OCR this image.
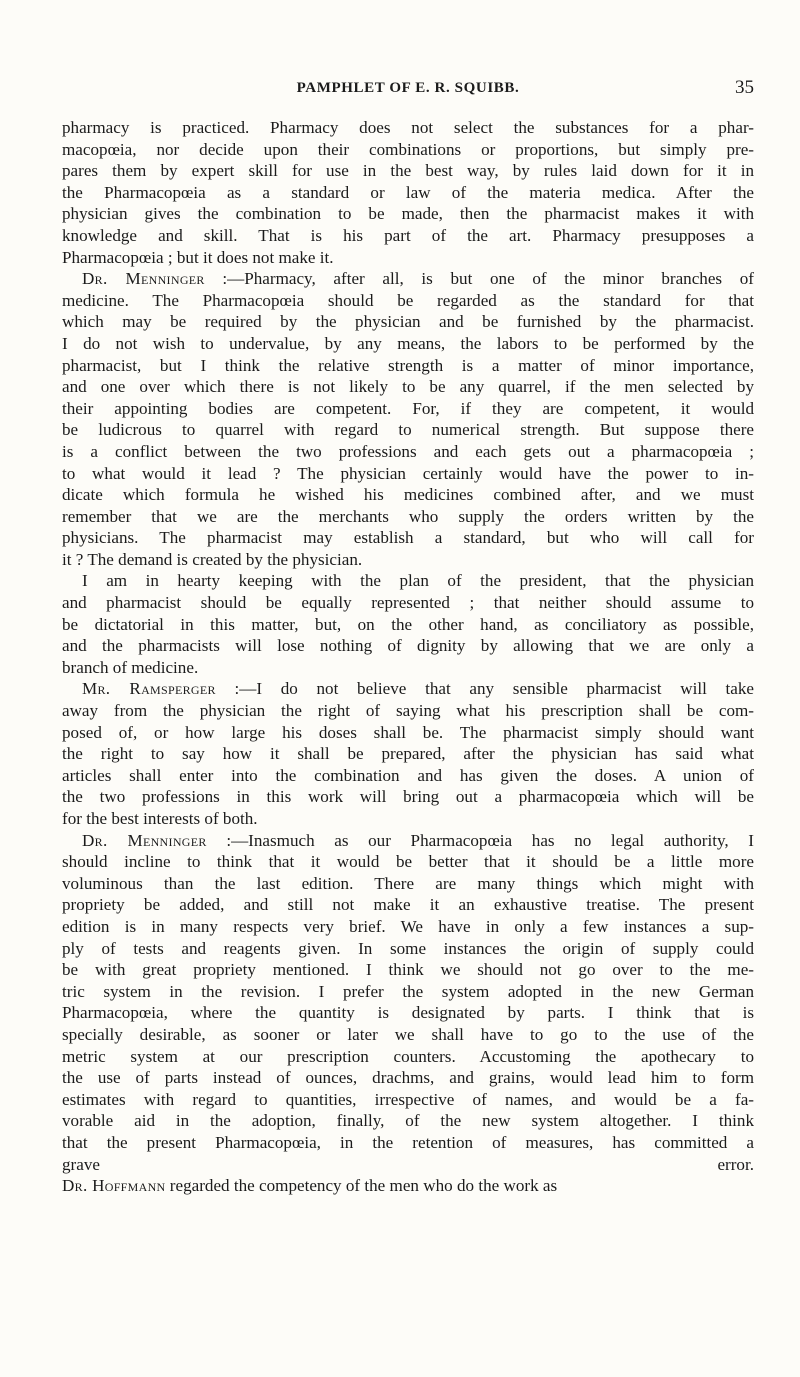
PAMPHLET OF E. R. SQUIBB.	35
pharmacy is practiced. Pharmacy does not select the substances for a phar-
macopœia, nor decide upon their combinations or proportions, but simply pre-
pares them by expert skill for use in the best way, by rules laid down for it in
the Pharmacopœia as a standard or law of the materia medica. After the
physician gives the combination to be made, then the pharmacist makes it with
knowledge and skill. That is his part of the art. Pharmacy presupposes a
Pharmacopœia ; but it does not make it.
Dr. Menninger :—Pharmacy, after all, is but one of the minor branches of
medicine. The Pharmacopœia should be regarded as the standard for that
which may be required by the physician and be furnished by the pharmacist.
I do not wish to undervalue, by any means, the labors to be performed by the
pharmacist, but I think the relative strength is a matter of minor importance,
and one over which there is not likely to be any quarrel, if the men selected by
their appointing bodies are competent. For, if they are competent, it would
be ludicrous to quarrel with regard to numerical strength. But suppose there
is a conflict between the two professions and each gets out a pharmacopœia ;
to what would it lead ? The physician certainly would have the power to in-
dicate which formula he wished his medicines combined after, and we must
remember that we are the merchants who supply the orders written by the
physicians. The pharmacist may establish a standard, but who will call for
it ? The demand is created by the physician.
I am in hearty keeping with the plan of the president, that the physician
and pharmacist should be equally represented ; that neither should assume to
be dictatorial in this matter, but, on the other hand, as conciliatory as possible,
and the pharmacists will lose nothing of dignity by allowing that we are only a
branch of medicine.
Mr. Ramsperger :—I do not believe that any sensible pharmacist will take
away from the physician the right of saying what his prescription shall be com-
posed of, or how large his doses shall be. The pharmacist simply should want
the right to say how it shall be prepared, after the physician has said what
articles shall enter into the combination and has given the doses. A union of
the two professions in this work will bring out a pharmacopœia which will be
for the best interests of both.
Dr. Menninger :—Inasmuch as our Pharmacopœia has no legal authority, I
should incline to think that it would be better that it should be a little more
voluminous than the last edition. There are many things which might with
propriety be added, and still not make it an exhaustive treatise. The present
edition is in many respects very brief. We have in only a few instances a sup-
ply of tests and reagents given. In some instances the origin of supply could
be with great propriety mentioned. I think we should not go over to the me-
tric system in the revision. I prefer the system adopted in the new German
Pharmacopœia, where the quantity is designated by parts. I think that is
specially desirable, as sooner or later we shall have to go to the use of the
metric system at our prescription counters. Accustoming the apothecary to
the use of parts instead of ounces, drachms, and grains, would lead him to form
estimates with regard to quantities, irrespective of names, and would be a fa-
vorable aid in the adoption, finally, of the new system altogether. I think
that the present Pharmacopœia, in the retention of measures, has committed a
grave error.
Dr. Hoffmann regarded the competency of the men who do the work as
